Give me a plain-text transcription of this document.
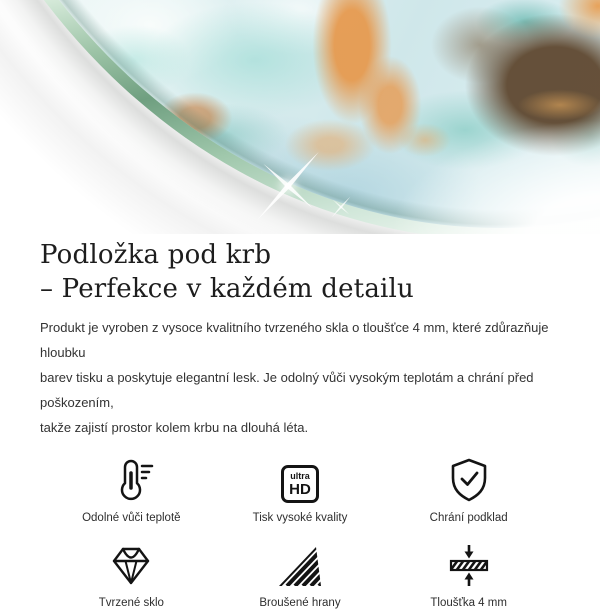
Podložka pod krb
– Perfekce v každém detailu
Produkt je vyroben z vysoce kvalitního tvrzeného skla o tloušťce 4 mm, které zdůrazňuje hloubku
barev tisku a poskytuje elegantní lesk. Je odolný vůči vysokým teplotám a chrání před poškozením,
takže zajistí prostor kolem krbu na dlouhá léta.
Odolné vůči teplotě
ultra
HD
Tisk vysoké kvality	Chrání podklad
Tvrzené sklo	Broušené hrany	Tloušťka 4 mm
